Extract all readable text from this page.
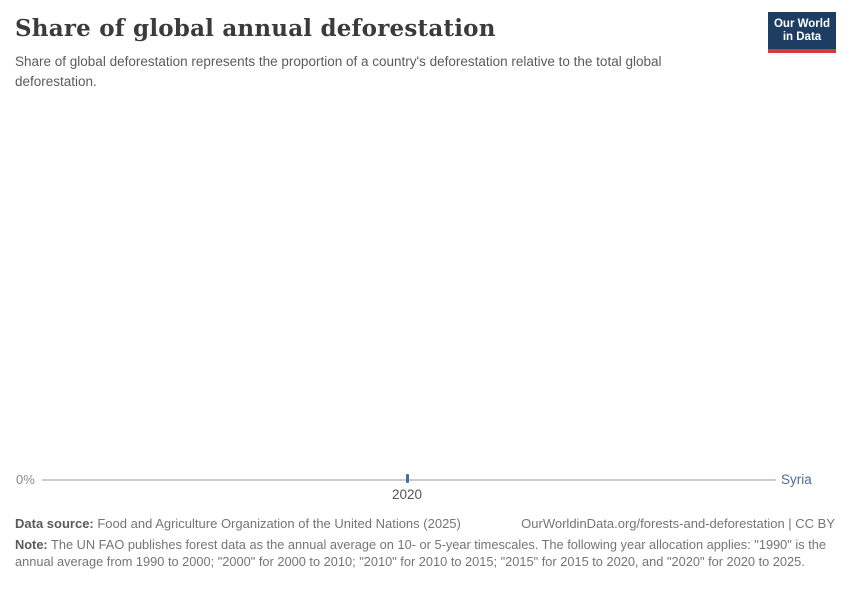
Share of global annual deforestation

Share of global deforestation represents the proportion of a country's deforestation relative to the total global deforestation.

Our World
in Data
0%
2020
Syria
Data source: Food and Agriculture Organization of the United Nations (2025)	OurWorldinData.org/forests-and-deforestation | CC BY
Note: The UN FAO publishes forest data as the annual average on 10- or 5-year timescales. The following year allocation applies: "1990" is the annual average from 1990 to 2000; "2000" for 2000 to 2010; "2010" for 2010 to 2015; "2015" for 2015 to 2020, and "2020" for 2020 to 2025.
